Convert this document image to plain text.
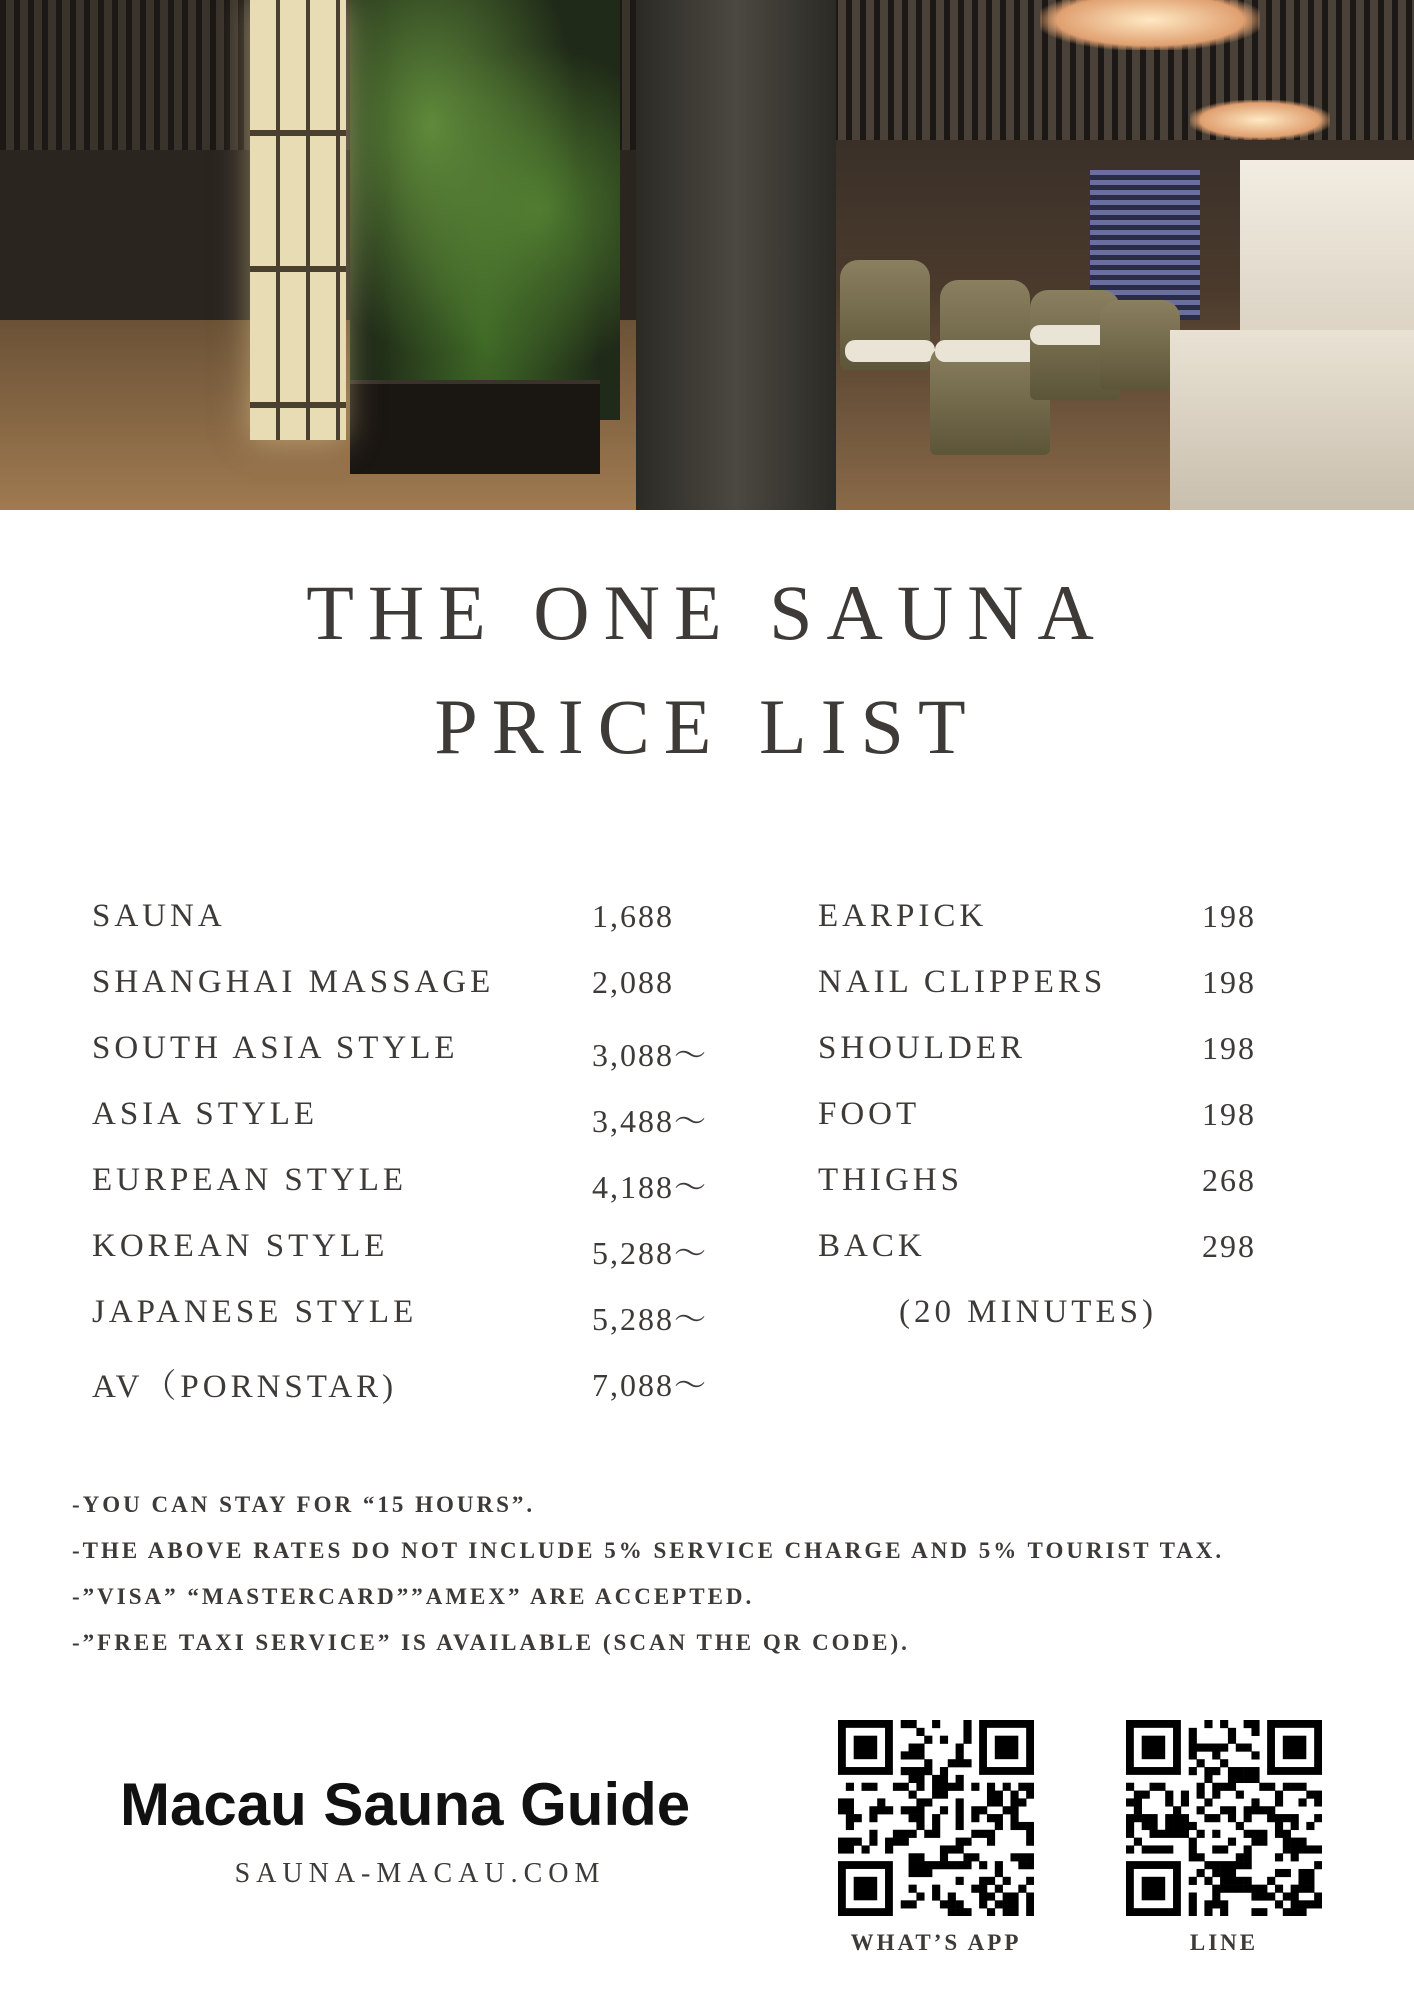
THE ONE SAUNA
PRICE LIST
SAUNA	1,688
SHANGHAI MASSAGE	2,088
SOUTH ASIA STYLE	3,088～
ASIA STYLE	3,488～
EURPEAN STYLE	4,188～
KOREAN STYLE	5,288～
JAPANESE STYLE	5,288～
AV（PORNSTAR)	7,088～
EARPICK	198
NAIL CLIPPERS	198
SHOULDER	198
FOOT	198
THIGHS	268
BACK	298
(20 MINUTES)
-YOU CAN STAY FOR “15 HOURS”.
-THE ABOVE RATES DO NOT INCLUDE 5% SERVICE CHARGE AND 5% TOURIST TAX.
-”VISA” “MASTERCARD””AMEX” ARE ACCEPTED.
-”FREE TAXI SERVICE” IS AVAILABLE (SCAN THE QR CODE).
Macau Sauna Guide
SAUNA-MACAU.COM
WHAT’S APP	LINE
